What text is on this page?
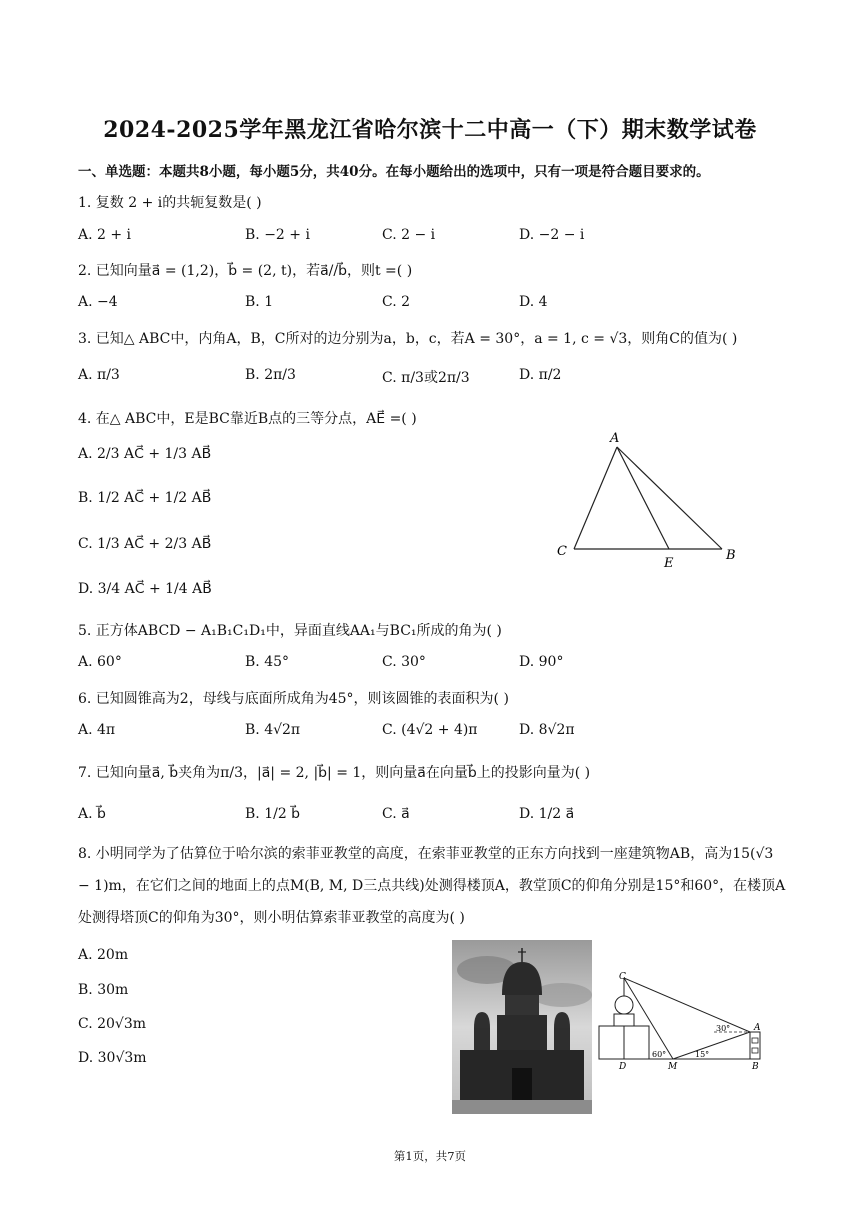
2024-2025学年黑龙江省哈尔滨十二中高一（下）期末数学试卷
一、单选题：本题共8小题，每小题5分，共40分。在每小题给出的选项中，只有一项是符合题目要求的。
1. 复数 2 + i的共轭复数是( )
A. 2 + i	B. −2 + i	C. 2 − i	D. −2 − i
2. 已知向量a⃗ = (1,2)，b⃗ = (2, t)，若a⃗//b⃗，则t =( )
A. −4	B. 1	C. 2	D. 4
3. 已知△ ABC中，内角A，B，C所对的边分别为a，b，c，若A = 30°，a = 1, c = √3，则角C的值为( )
A. π/3	B. 2π/3	C. π/3或2π/3	D. π/2
4. 在△ ABC中，E是BC靠近B点的三等分点，AE⃗ =( )
A. 2/3 AC⃗ + 1/3 AB⃗
B. 1/2 AC⃗ + 1/2 AB⃗
C. 1/3 AC⃗ + 2/3 AB⃗
D. 3/4 AC⃗ + 1/4 AB⃗
A
C
E
B
5. 正方体ABCD − A₁B₁C₁D₁中，异面直线AA₁与BC₁所成的角为( )
A. 60°	B. 45°	C. 30°	D. 90°
6. 已知圆锥高为2，母线与底面所成角为45°，则该圆锥的表面积为( )
A. 4π	B. 4√2π	C. (4√2 + 4)π	D. 8√2π
7. 已知向量a⃗, b⃗夹角为π/3，|a⃗| = 2, |b⃗| = 1，则向量a⃗在向量b⃗上的投影向量为( )
A. b⃗	B. 1/2 b⃗	C. a⃗	D. 1/2 a⃗
8. 小明同学为了估算位于哈尔滨的索菲亚教堂的高度，在索菲亚教堂的正东方向找到一座建筑物AB，高为15(√3 − 1)m，在它们之间的地面上的点M(B, M, D三点共线)处测得楼顶A，教堂顶C的仰角分别是15°和60°，在楼顶A处测得塔顶C的仰角为30°，则小明估算索菲亚教堂的高度为( )
A. 20m
B. 30m
C. 20√3m
D. 30√3m
C
A
D	M	B
60°	15°
30°
第1页，共7页
